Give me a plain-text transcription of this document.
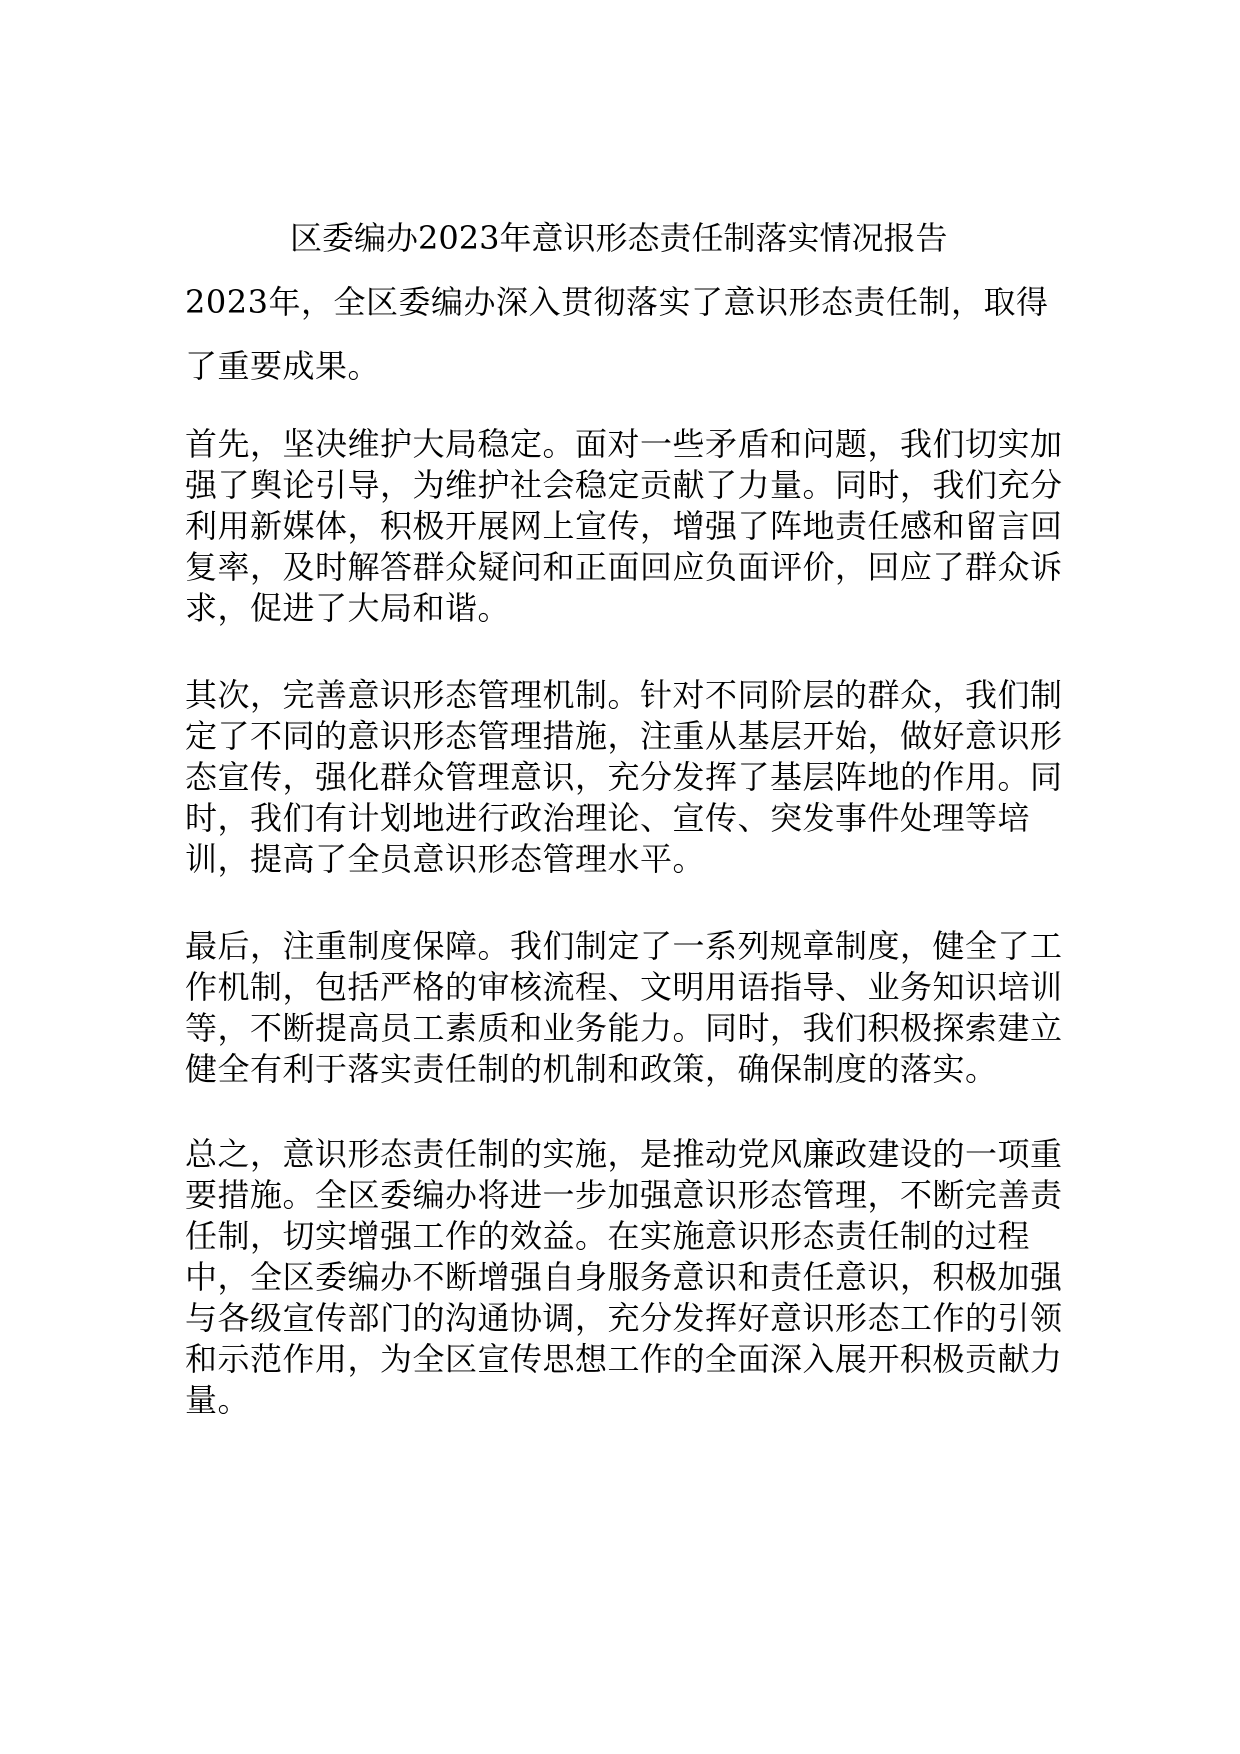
区委编办2023年意识形态责任制落实情况报告

2023年，全区委编办深入贯彻落实了意识形态责任制，取得了重要成果。

首先，坚决维护大局稳定。面对一些矛盾和问题，我们切实加强了舆论引导，为维护社会稳定贡献了力量。同时，我们充分利用新媒体，积极开展网上宣传，增强了阵地责任感和留言回复率，及时解答群众疑问和正面回应负面评价，回应了群众诉求，促进了大局和谐。

其次，完善意识形态管理机制。针对不同阶层的群众，我们制定了不同的意识形态管理措施，注重从基层开始，做好意识形态宣传，强化群众管理意识，充分发挥了基层阵地的作用。同时，我们有计划地进行政治理论、宣传、突发事件处理等培训，提高了全员意识形态管理水平。

最后，注重制度保障。我们制定了一系列规章制度，健全了工作机制，包括严格的审核流程、文明用语指导、业务知识培训等，不断提高员工素质和业务能力。同时，我们积极探索建立健全有利于落实责任制的机制和政策，确保制度的落实。

总之，意识形态责任制的实施，是推动党风廉政建设的一项重要措施。全区委编办将进一步加强意识形态管理，不断完善责任制，切实增强工作的效益。在实施意识形态责任制的过程中，全区委编办不断增强自身服务意识和责任意识，积极加强与各级宣传部门的沟通协调，充分发挥好意识形态工作的引领和示范作用，为全区宣传思想工作的全面深入展开积极贡献力量。
